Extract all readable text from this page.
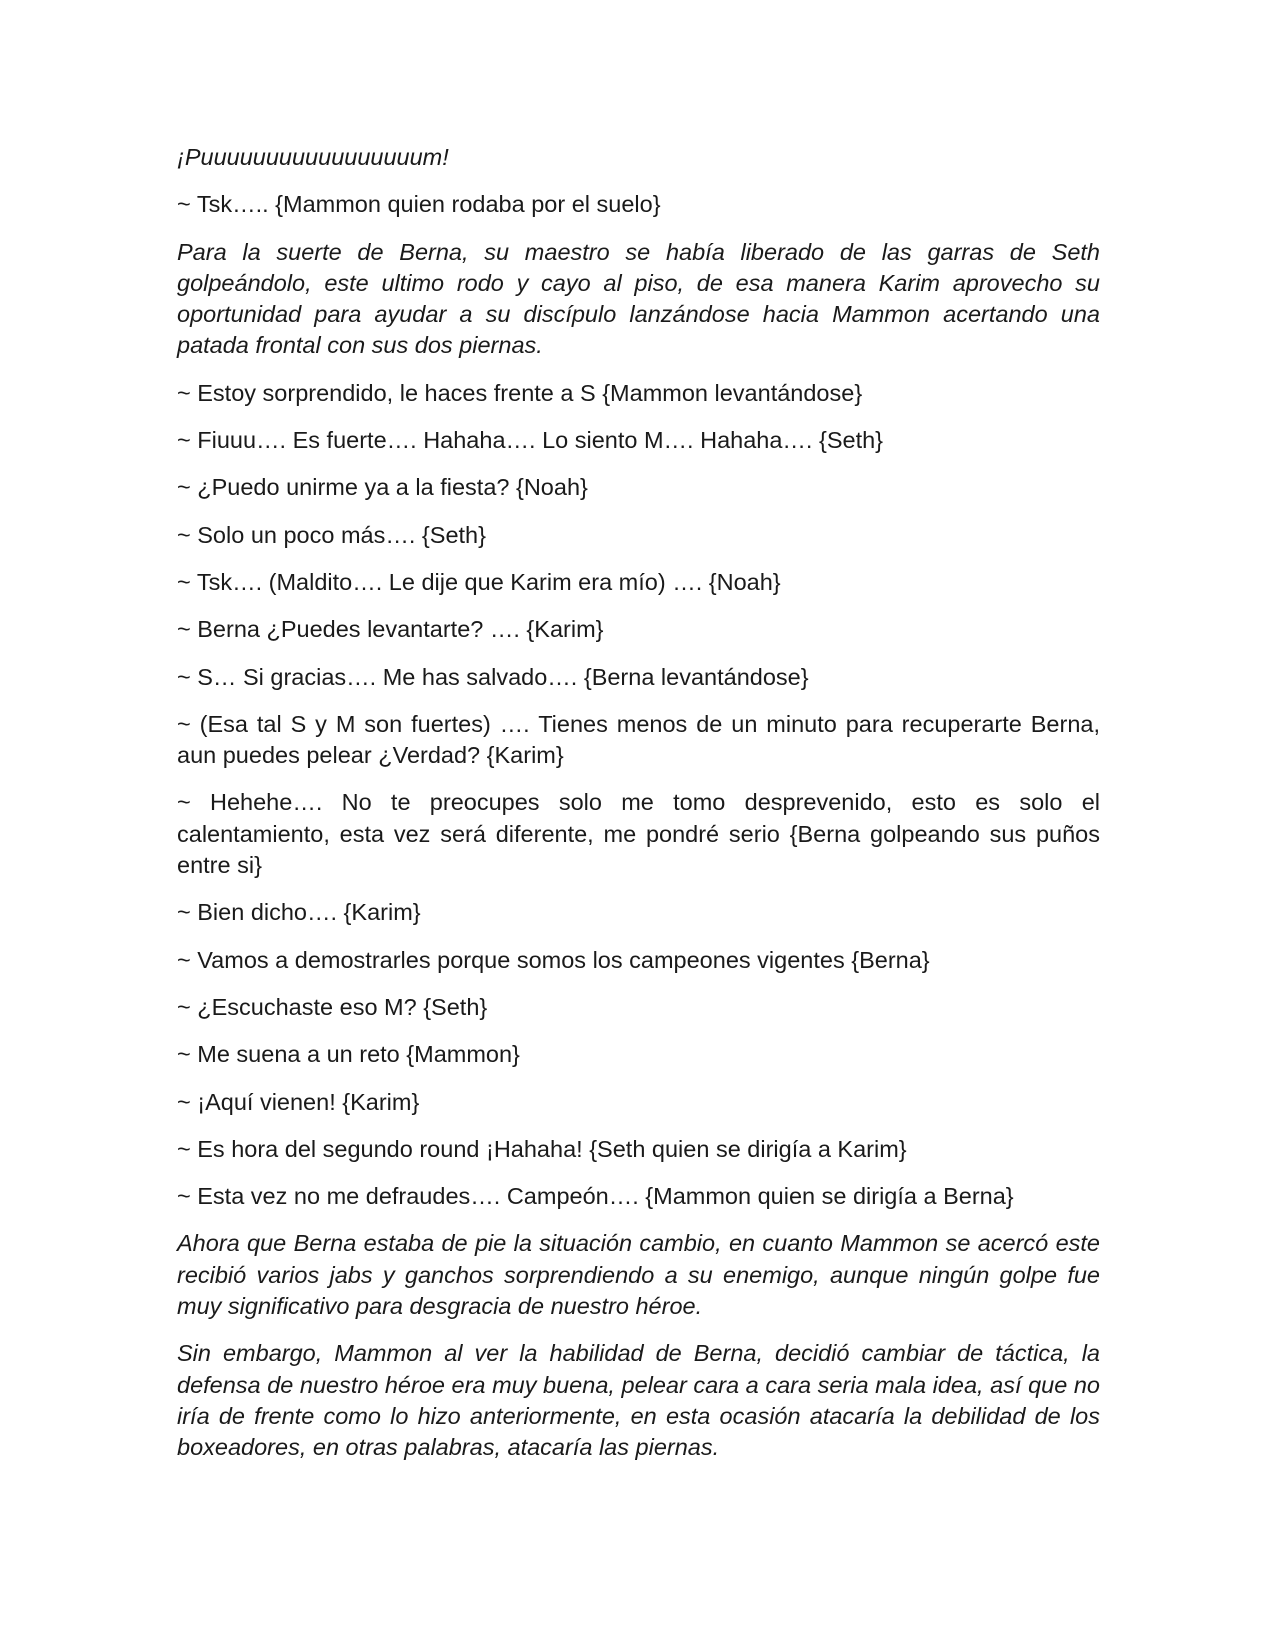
¡Puuuuuuuuuuuuuuuuum!

~ Tsk….. {Mammon quien rodaba por el suelo}

Para la suerte de Berna, su maestro se había liberado de las garras de Seth golpeándolo, este ultimo rodo y cayo al piso, de esa manera Karim aprovecho su oportunidad para ayudar a su discípulo lanzándose hacia Mammon acertando una patada frontal con sus dos piernas.

~ Estoy sorprendido, le haces frente a S {Mammon levantándose}

~ Fiuuu…. Es fuerte…. Hahaha…. Lo siento M…. Hahaha…. {Seth}

~ ¿Puedo unirme ya a la fiesta? {Noah}

~ Solo un poco más…. {Seth}

~ Tsk…. (Maldito…. Le dije que Karim era mío) …. {Noah}

~ Berna ¿Puedes levantarte? …. {Karim}

~ S… Si gracias…. Me has salvado…. {Berna levantándose}

~ (Esa tal S y M son fuertes) …. Tienes menos de un minuto para recuperarte Berna, aun puedes pelear ¿Verdad? {Karim}

~ Hehehe…. No te preocupes solo me tomo desprevenido, esto es solo el calentamiento, esta vez será diferente, me pondré serio {Berna golpeando sus puños entre si}

~ Bien dicho…. {Karim}

~ Vamos a demostrarles porque somos los campeones vigentes {Berna}

~ ¿Escuchaste eso M? {Seth}

~ Me suena a un reto {Mammon}

~ ¡Aquí vienen! {Karim}

~ Es hora del segundo round ¡Hahaha! {Seth quien se dirigía a Karim}

~ Esta vez no me defraudes…. Campeón…. {Mammon quien se dirigía a Berna}

Ahora que Berna estaba de pie la situación cambio, en cuanto Mammon se acercó este recibió varios jabs y ganchos sorprendiendo a su enemigo, aunque ningún golpe fue muy significativo para desgracia de nuestro héroe.

Sin embargo, Mammon al ver la habilidad de Berna, decidió cambiar de táctica, la defensa de nuestro héroe era muy buena, pelear cara a cara seria mala idea, así que no iría de frente como lo hizo anteriormente, en esta ocasión atacaría la debilidad de los boxeadores, en otras palabras, atacaría las piernas.
